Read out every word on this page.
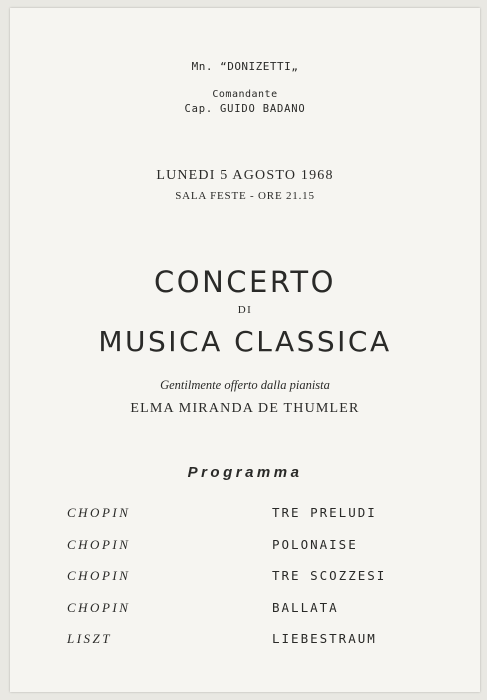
Mn. “DONIZETTI„
Comandante
Cap. GUIDO BADANO
LUNEDI 5 AGOSTO 1968
SALA FESTE - ORE 21.15
CONCERTO
DI
MUSICA CLASSICA
Gentilmente offerto dalla pianista
ELMA MIRANDA DE THUMLER
Programma
CHOPIN	TRE PRELUDI
CHOPIN	POLONAISE
CHOPIN	TRE SCOZZESI
CHOPIN	BALLATA
LISZT	LIEBESTRAUM
